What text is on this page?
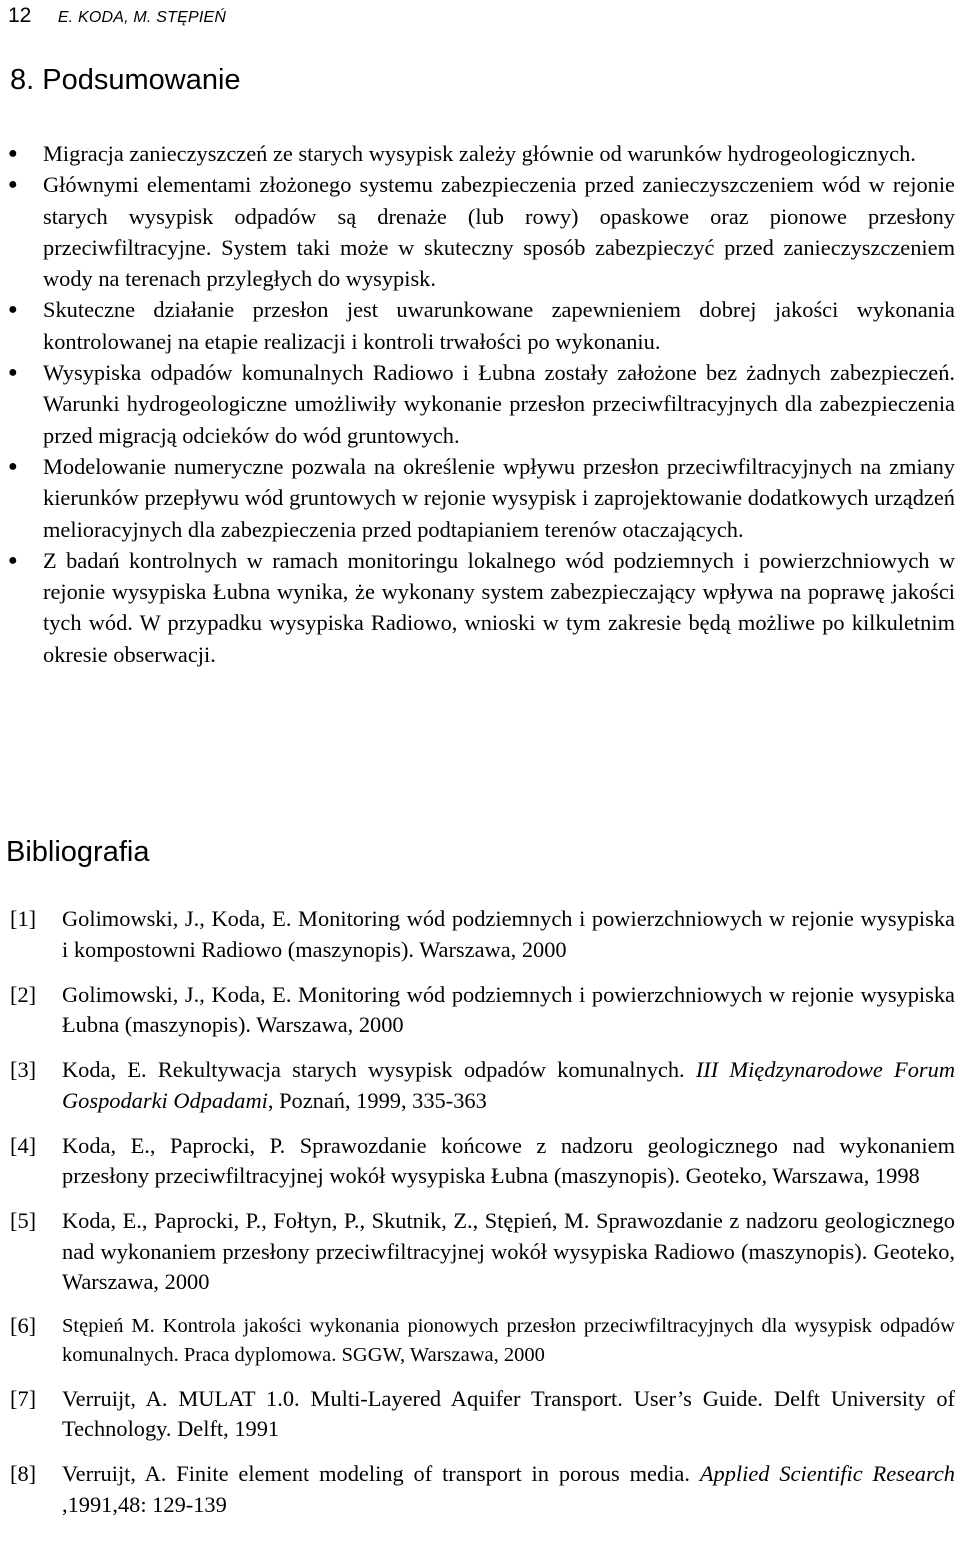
12 E. KODA, M. STĘPIEŃ
8. Podsumowanie
● Migracja zanieczyszczeń ze starych wysypisk zależy głównie od warunków hydrogeologicznych.
● Głównymi elementami złożonego systemu zabezpieczenia przed zanieczyszczeniem wód w rejonie starych wysypisk odpadów są drenaże (lub rowy) opaskowe oraz pionowe przesłony przeciwfiltracyjne. System taki może w skuteczny sposób zabezpieczyć przed zanieczyszczeniem wody na terenach przyległych do wysypisk.
● Skuteczne działanie przesłon jest uwarunkowane zapewnieniem dobrej jakości wykonania kontrolowanej na etapie realizacji i kontroli trwałości po wykonaniu.
● Wysypiska odpadów komunalnych Radiowo i Łubna zostały założone bez żadnych zabezpieczeń. Warunki hydrogeologiczne umożliwiły wykonanie przesłon przeciwfiltracyjnych dla zabezpieczenia przed migracją odcieków do wód gruntowych.
● Modelowanie numeryczne pozwala na określenie wpływu przesłon przeciwfiltracyjnych na zmiany kierunków przepływu wód gruntowych w rejonie wysypisk i zaprojektowanie dodatkowych urządzeń melioracyjnych dla zabezpieczenia przed podtapianiem terenów otaczających.
● Z badań kontrolnych w ramach monitoringu lokalnego wód podziemnych i powierzchniowych w rejonie wysypiska Łubna wynika, że wykonany system zabezpieczający wpływa na poprawę jakości tych wód. W przypadku wysypiska Radiowo, wnioski w tym zakresie będą możliwe po kilkuletnim okresie obserwacji.
Bibliografia
[1] Golimowski, J., Koda, E. Monitoring wód podziemnych i powierzchniowych w rejonie wysypiska i kompostowni Radiowo (maszynopis). Warszawa, 2000
[2] Golimowski, J., Koda, E. Monitoring wód podziemnych i powierzchniowych w rejonie wysypiska Łubna (maszynopis). Warszawa, 2000
[3] Koda, E. Rekultywacja starych wysypisk odpadów komunalnych. III Międzynarodowe Forum Gospodarki Odpadami, Poznań, 1999, 335-363
[4] Koda, E., Paprocki, P. Sprawozdanie końcowe z nadzoru geologicznego nad wykonaniem przesłony przeciwfiltracyjnej wokół wysypiska Łubna (maszynopis). Geoteko, Warszawa, 1998
[5] Koda, E., Paprocki, P., Fołtyn, P., Skutnik, Z., Stępień, M. Sprawozdanie z nadzoru geologicznego nad wykonaniem przesłony przeciwfiltracyjnej wokół wysypiska Radiowo (maszynopis). Geoteko, Warszawa, 2000
[6] Stępień M. Kontrola jakości wykonania pionowych przesłon przeciwfiltracyjnych dla wysypisk odpadów komunalnych. Praca dyplomowa. SGGW, Warszawa, 2000
[7] Verruijt, A. MULAT 1.0. Multi-Layered Aquifer Transport. User’s Guide. Delft University of Technology. Delft, 1991
[8] Verruijt, A. Finite element modeling of transport in porous media. Applied Scientific Research ,1991,48: 129-139
